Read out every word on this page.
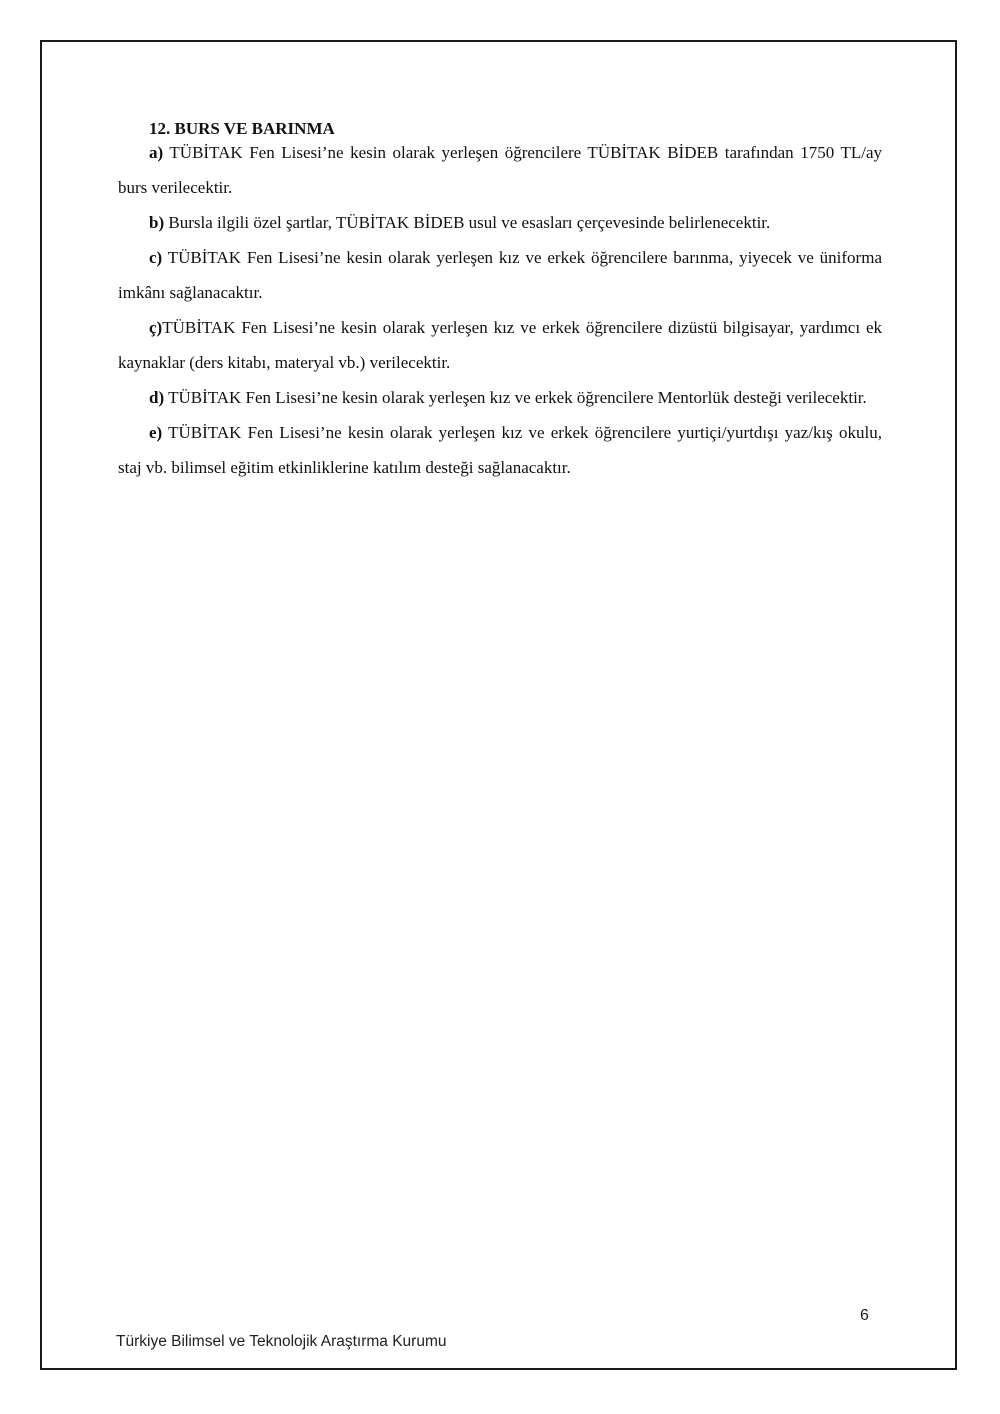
12. BURS VE BARINMA

a) TÜBİTAK Fen Lisesi’ne kesin olarak yerleşen öğrencilere TÜBİTAK BİDEB tarafından 1750 TL/ay burs verilecektir.

b) Bursla ilgili özel şartlar, TÜBİTAK BİDEB usul ve esasları çerçevesinde belirlenecektir.

c) TÜBİTAK Fen Lisesi’ne kesin olarak yerleşen kız ve erkek öğrencilere barınma, yiyecek ve üniforma imkânı sağlanacaktır.

ç)TÜBİTAK Fen Lisesi’ne kesin olarak yerleşen kız ve erkek öğrencilere dizüstü bilgisayar, yardımcı ek kaynaklar (ders kitabı, materyal vb.) verilecektir.

d) TÜBİTAK Fen Lisesi’ne kesin olarak yerleşen kız ve erkek öğrencilere Mentorlük desteği verilecektir.

e) TÜBİTAK Fen Lisesi’ne kesin olarak yerleşen kız ve erkek öğrencilere yurtiçi/yurtdışı yaz/kış okulu, staj vb. bilimsel eğitim etkinliklerine katılım desteği sağlanacaktır.

6
Türkiye Bilimsel ve Teknolojik Araştırma Kurumu
